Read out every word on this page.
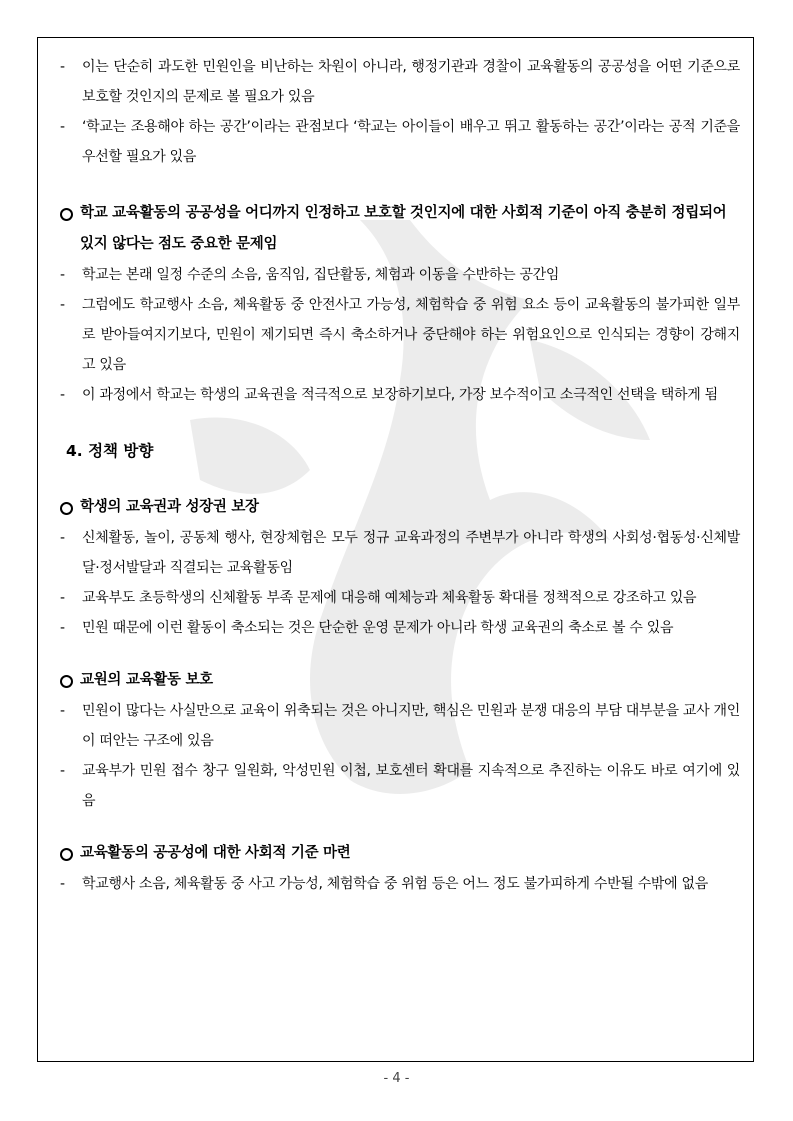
-	이는 단순히 과도한 민원인을 비난하는 차원이 아니라, 행정기관과 경찰이 교육활동의 공공성을 어떤 기준으로 보호할 것인지의 문제로 볼 필요가 있음
-	‘학교는 조용해야 하는 공간’이라는 관점보다 ‘학교는 아이들이 배우고 뛰고 활동하는 공간’이라는 공적 기준을 우선할 필요가 있음
학교 교육활동의 공공성을 어디까지 인정하고 보호할 것인지에 대한 사회적 기준이 아직 충분히 정립되어 있지 않다는 점도 중요한 문제임
-	학교는 본래 일정 수준의 소음, 움직임, 집단활동, 체험과 이동을 수반하는 공간임
-	그럼에도 학교행사 소음, 체육활동 중 안전사고 가능성, 체험학습 중 위험 요소 등이 교육활동의 불가피한 일부로 받아들여지기보다, 민원이 제기되면 즉시 축소하거나 중단해야 하는 위험요인으로 인식되는 경향이 강해지고 있음
-	이 과정에서 학교는 학생의 교육권을 적극적으로 보장하기보다, 가장 보수적이고 소극적인 선택을 택하게 됨
4. 정책 방향
학생의 교육권과 성장권 보장
-	신체활동, 놀이, 공동체 행사, 현장체험은 모두 정규 교육과정의 주변부가 아니라 학생의 사회성·협동성·신체발달·정서발달과 직결되는 교육활동임
-	교육부도 초등학생의 신체활동 부족 문제에 대응해 예체능과 체육활동 확대를 정책적으로 강조하고 있음
-	민원 때문에 이런 활동이 축소되는 것은 단순한 운영 문제가 아니라 학생 교육권의 축소로 볼 수 있음
교원의 교육활동 보호
-	민원이 많다는 사실만으로 교육이 위축되는 것은 아니지만, 핵심은 민원과 분쟁 대응의 부담 대부분을 교사 개인이 떠안는 구조에 있음
-	교육부가 민원 접수 창구 일원화, 악성민원 이첩, 보호센터 확대를 지속적으로 추진하는 이유도 바로 여기에 있음
교육활동의 공공성에 대한 사회적 기준 마련
-	학교행사 소음, 체육활동 중 사고 가능성, 체험학습 중 위험 등은 어느 정도 불가피하게 수반될 수밖에 없음
- 4 -
